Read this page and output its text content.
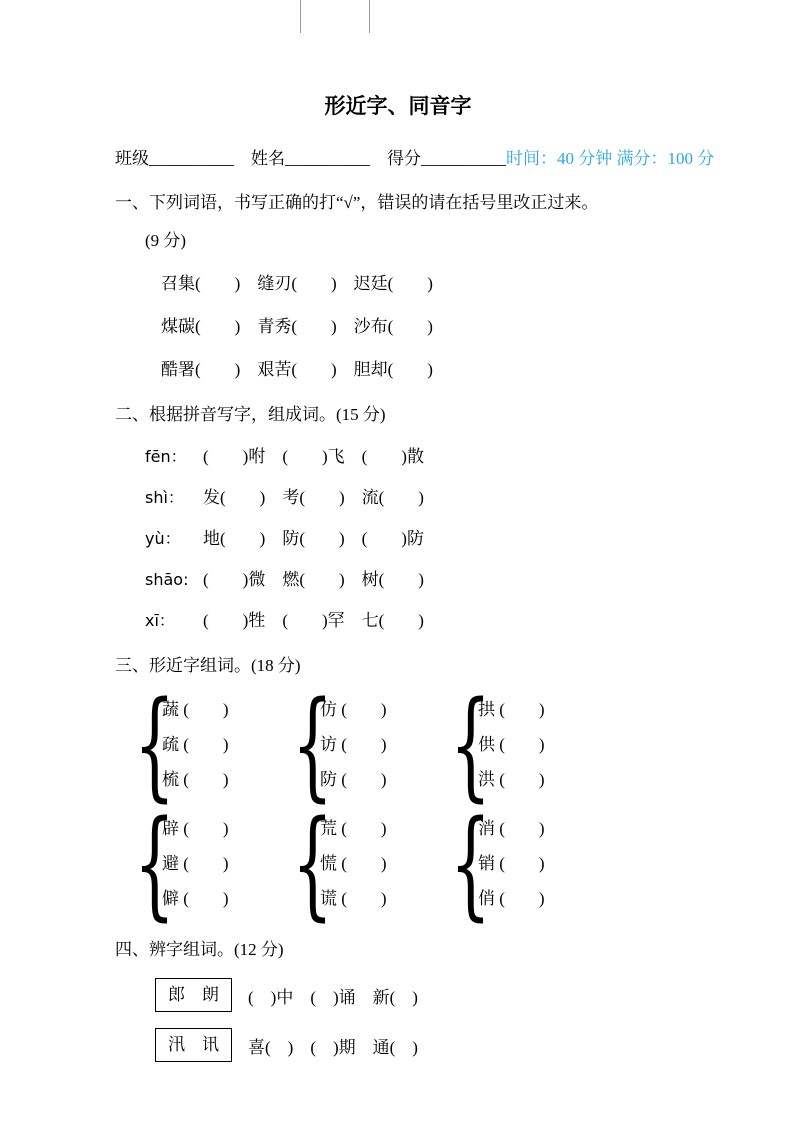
形近字、同音字
班级__________　姓名__________　得分__________ 时间：40 分钟 满分：100 分

一、下列词语，书写正确的打“√”，错误的请在括号里改正过来。

(9 分)

召集(　　)　缝刃(　　)　迟廷(　　)

煤碳(　　)　青秀(　　)　沙布(　　)

酷署(　　)　艰苦(　　)　胆却(　　)

二、根据拼音写字，组成词。(15 分)

fēn： (　　)咐　(　　)飞　(　　)散
shì：	发(　　)　考(　　)　流(　　)
yù：	地(　　)　防(　　)　(　　)防
shāo: (　　)微　燃(　　)　树(　　)
xī：	(　　)牲　(　　)罕　七(　　)

三、形近字组词。(18 分)

{
蔬 (　　)
疏 (　　)
梳 (　　) {
仿 (　　)
访 (　　)
防 (　　) {
拱 (　　)
供 (　　)
洪 (　　)
{
辟 (　　)
避 (　　)
僻 (　　) {
荒 (　　)
慌 (　　)
谎 (　　) {
消 (　　)
销 (　　)
俏 (　　)

四、辨字组词。(12 分)

郎　朗	(　)中　(　)诵　新(　)
汛　讯	喜(　)　(　)期　通(　)
